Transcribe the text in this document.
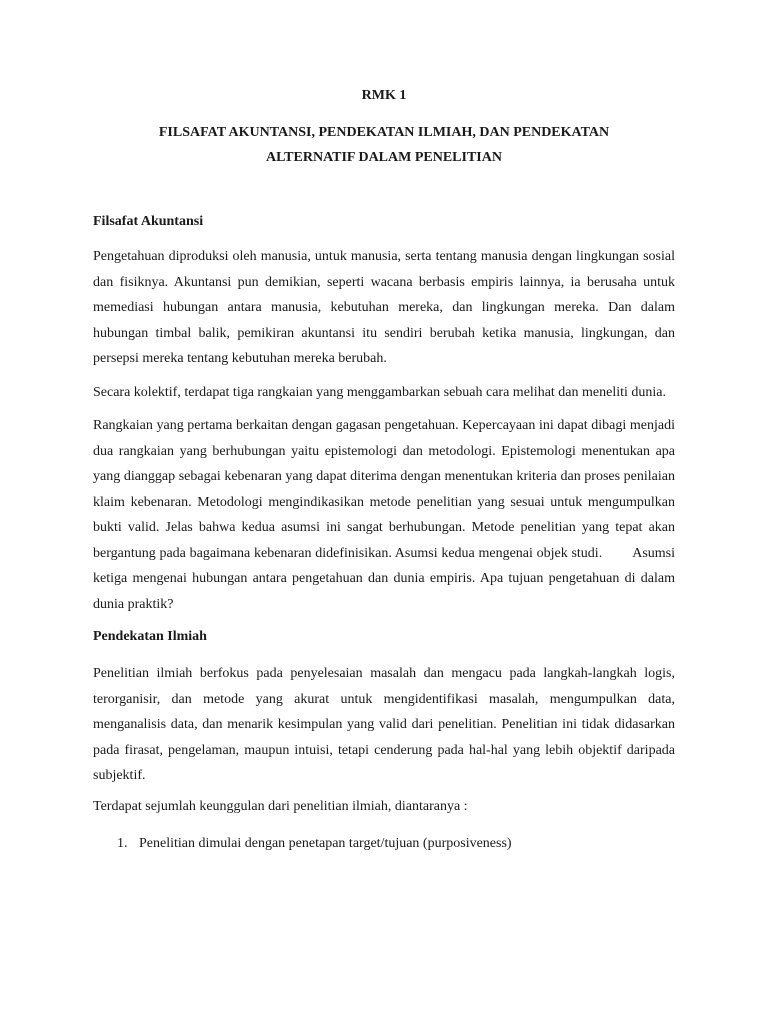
RMK 1
FILSAFAT AKUNTANSI, PENDEKATAN ILMIAH, DAN PENDEKATAN
ALTERNATIF DALAM PENELITIAN
Filsafat Akuntansi

Pengetahuan diproduksi oleh manusia, untuk manusia, serta tentang manusia dengan lingkungan sosial dan fisiknya. Akuntansi pun demikian, seperti wacana berbasis empiris lainnya, ia berusaha untuk memediasi hubungan antara manusia, kebutuhan mereka, dan lingkungan mereka. Dan dalam hubungan timbal balik, pemikiran akuntansi itu sendiri berubah ketika manusia, lingkungan, dan persepsi mereka tentang kebutuhan mereka berubah.

Secara kolektif, terdapat tiga rangkaian yang menggambarkan sebuah cara melihat dan meneliti dunia.

Rangkaian yang pertama berkaitan dengan gagasan pengetahuan. Kepercayaan ini dapat dibagi menjadi dua rangkaian yang berhubungan yaitu epistemologi dan metodologi. Epistemologi menentukan apa yang dianggap sebagai kebenaran yang dapat diterima dengan menentukan kriteria dan proses penilaian klaim kebenaran. Metodologi mengindikasikan metode penelitian yang sesuai untuk mengumpulkan bukti valid. Jelas bahwa kedua asumsi ini sangat berhubungan. Metode penelitian yang tepat akan bergantung pada bagaimana kebenaran didefinisikan. Asumsi kedua mengenai objek studi. Asumsi ketiga mengenai hubungan antara pengetahuan dan dunia empiris. Apa tujuan pengetahuan di dalam dunia praktik?

Pendekatan Ilmiah

Penelitian ilmiah berfokus pada penyelesaian masalah dan mengacu pada langkah-langkah logis, terorganisir, dan metode yang akurat untuk mengidentifikasi masalah, mengumpulkan data, menganalisis data, dan menarik kesimpulan yang valid dari penelitian. Penelitian ini tidak didasarkan pada firasat, pengelaman, maupun intuisi, tetapi cenderung pada hal-hal yang lebih objektif daripada subjektif.

Terdapat sejumlah keunggulan dari penelitian ilmiah, diantaranya :

1. Penelitian dimulai dengan penetapan target/tujuan (purposiveness)
